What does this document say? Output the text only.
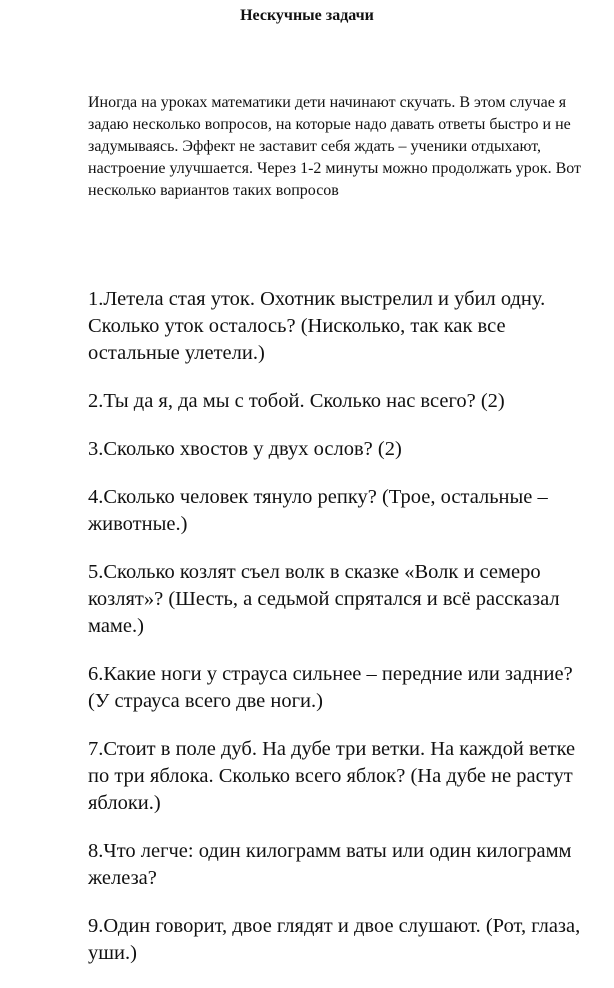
Нескучные задачи

Иногда на уроках математики дети начинают скучать. В этом случае я задаю несколько вопросов, на которые надо давать ответы быстро и не задумываясь. Эффект не заставит себя ждать – ученики отдыхают, настроение улучшается. Через 1-2 минуты можно продолжать урок. Вот несколько вариантов таких вопросов

1.Летела стая уток. Охотник выстрелил и убил одну. Сколько уток осталось? (Нисколько, так как все остальные улетели.)
2.Ты да я, да мы с тобой. Сколько нас всего? (2)
3.Сколько хвостов у двух ослов? (2)
4.Сколько человек тянуло репку? (Трое, остальные – животные.)
5.Сколько козлят съел волк в сказке «Волк и семеро козлят»? (Шесть, а седьмой спрятался и всё рассказал маме.)
6.Какие ноги у страуса сильнее – передние или задние? (У страуса всего две ноги.)
7.Стоит в поле дуб. На дубе три ветки. На каждой ветке по три яблока. Сколько всего яблок? (На дубе не растут яблоки.)
8.Что легче: один килограмм ваты или один килограмм железа?
9.Один говорит, двое глядят и двое слушают. (Рот, глаза, уши.)
